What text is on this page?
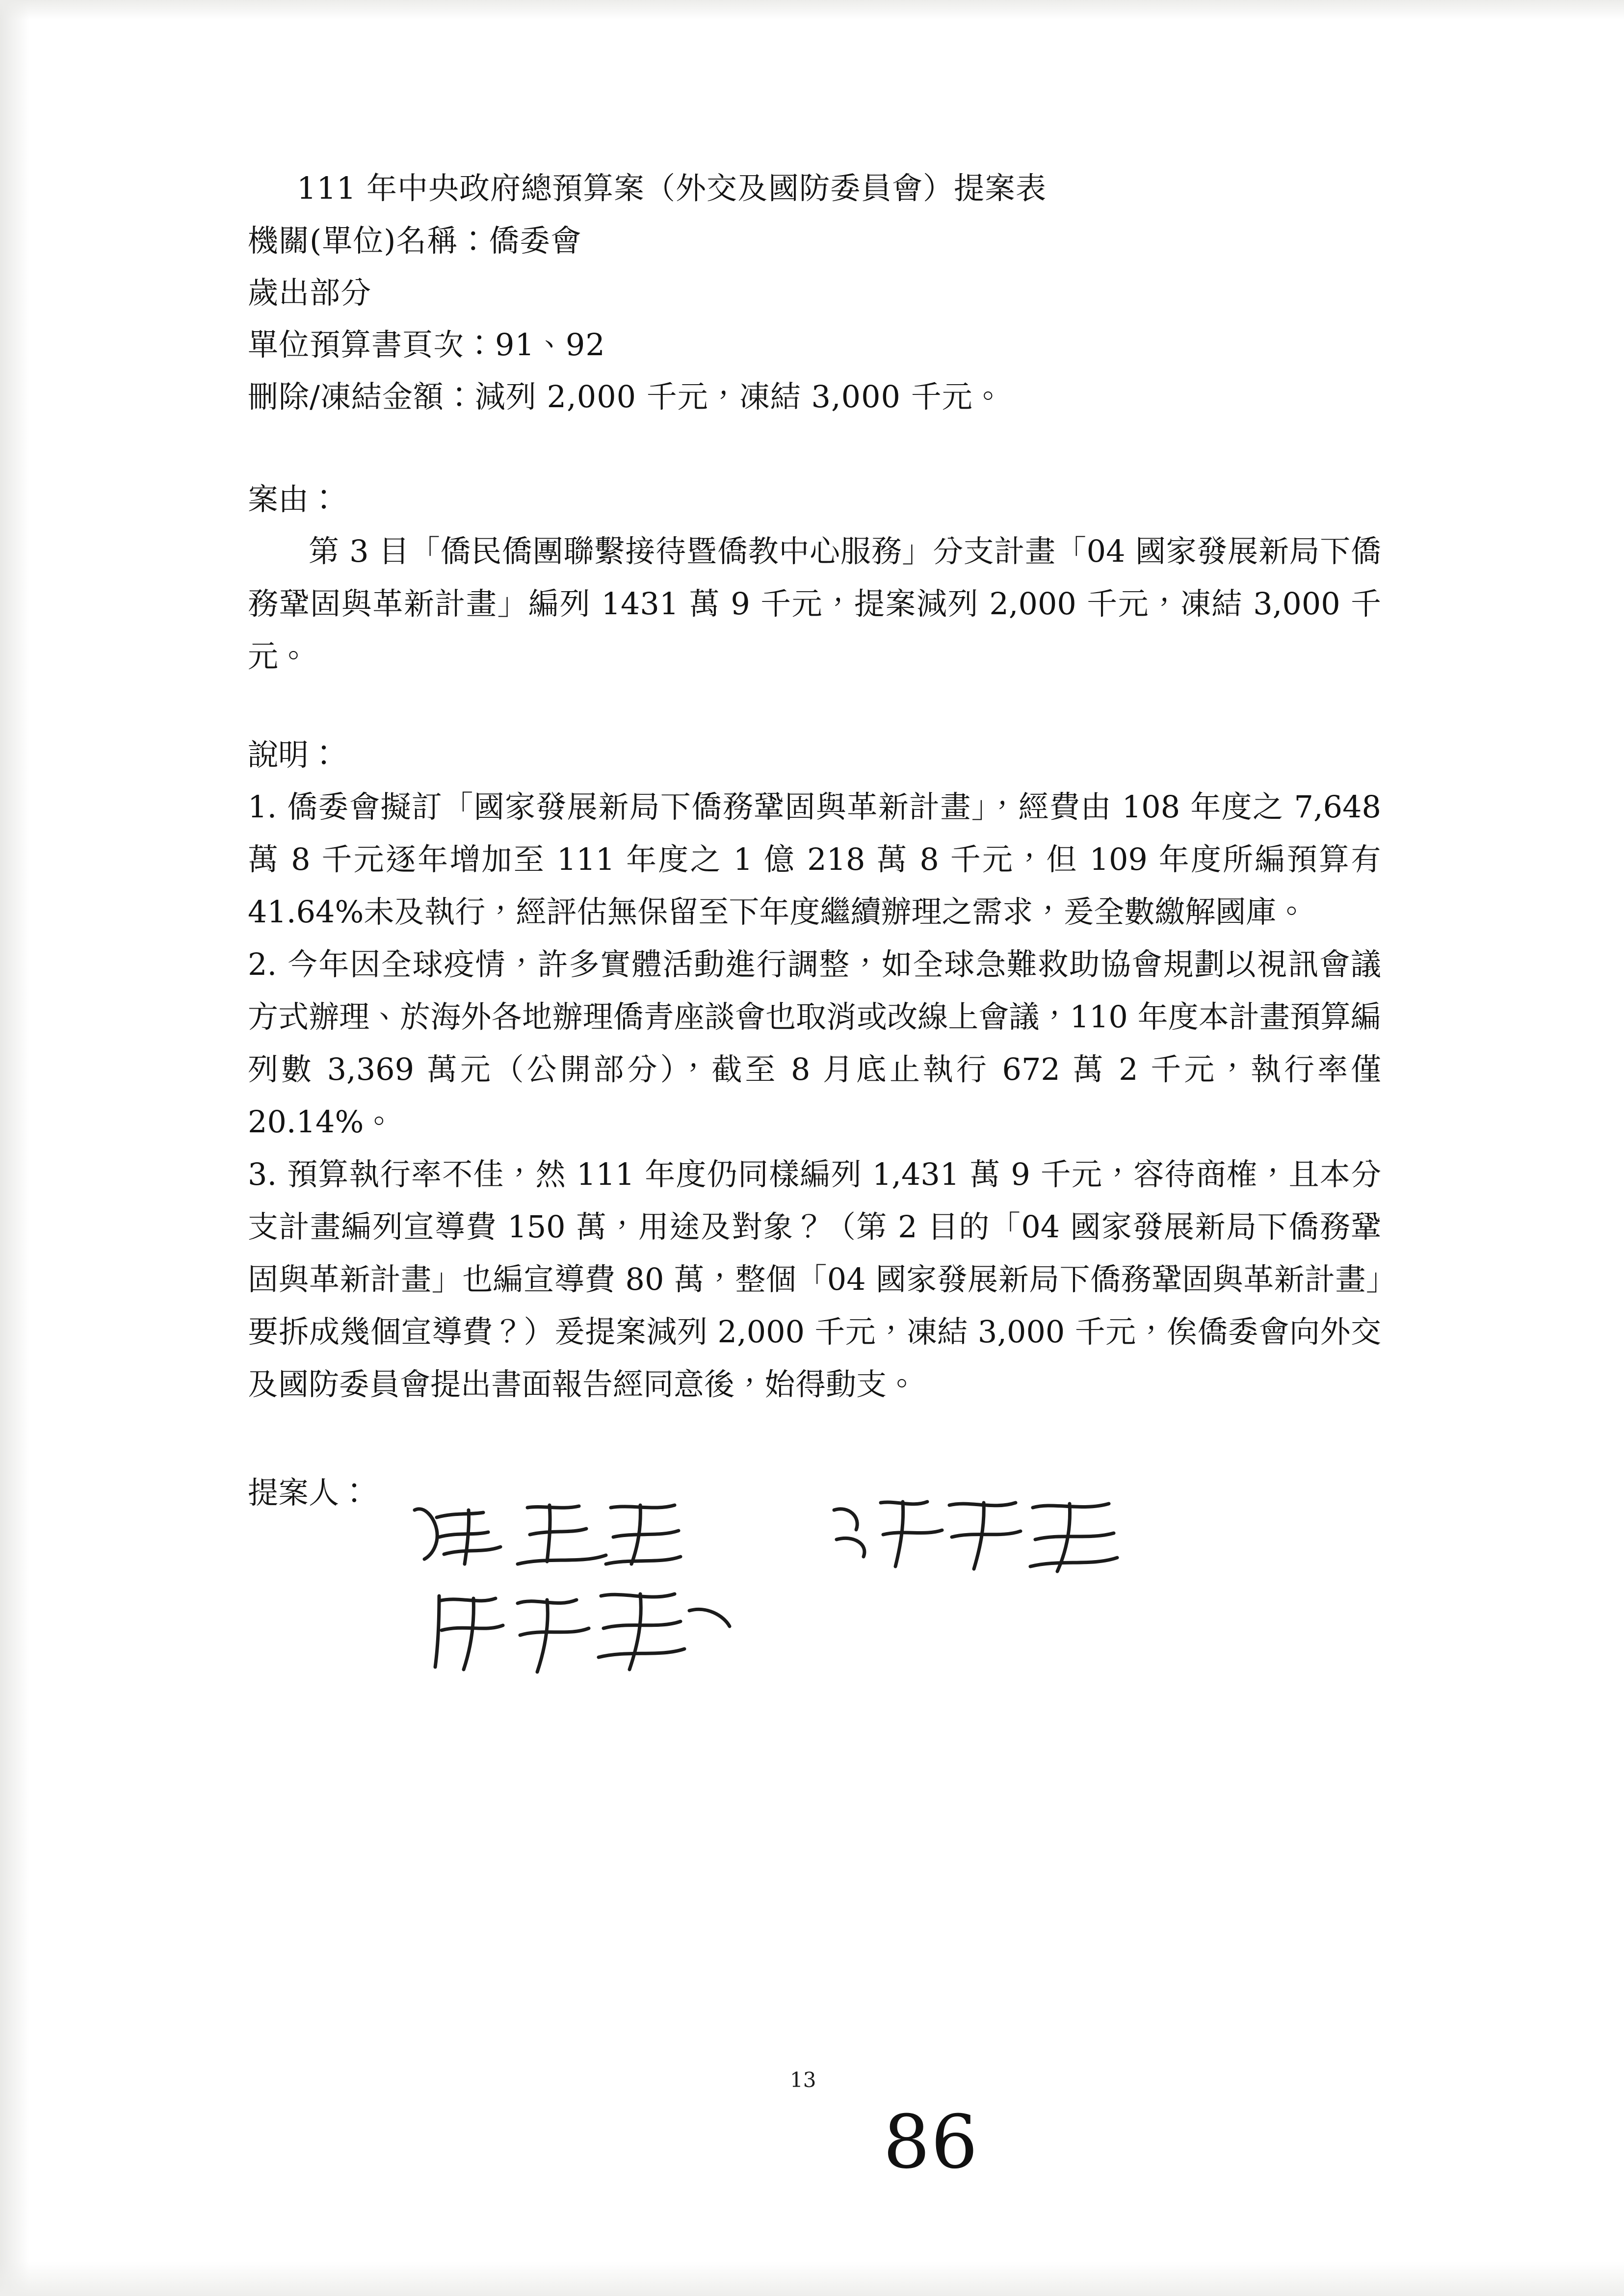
111 年中央政府總預算案（外交及國防委員會）提案表
機關(單位)名稱：僑委會
歲出部分
單位預算書頁次：91、92
刪除/凍結金額：減列 2,000 千元，凍結 3,000 千元。
案由：
第 3 目「僑民僑團聯繫接待暨僑教中心服務」分支計畫「04 國家發展新局下僑務鞏固與革新計畫」編列 1431 萬 9 千元，提案減列 2,000 千元，凍結 3,000 千元。
說明：
1. 僑委會擬訂「國家發展新局下僑務鞏固與革新計畫」，經費由 108 年度之 7,648 萬 8 千元逐年增加至 111 年度之 1 億 218 萬 8 千元，但 109 年度所編預算有 41.64%未及執行，經評估無保留至下年度繼續辦理之需求，爰全數繳解國庫。
2. 今年因全球疫情，許多實體活動進行調整，如全球急難救助協會規劃以視訊會議方式辦理、於海外各地辦理僑青座談會也取消或改線上會議，110 年度本計畫預算編列數 3,369 萬元（公開部分），截至 8 月底止執行 672 萬 2 千元，執行率僅 20.14%。
3. 預算執行率不佳，然 111 年度仍同樣編列 1,431 萬 9 千元，容待商榷，且本分支計畫編列宣導費 150 萬，用途及對象？（第 2 目的「04 國家發展新局下僑務鞏固與革新計畫」也編宣導費 80 萬，整個「04 國家發展新局下僑務鞏固與革新計畫」要拆成幾個宣導費？）爰提案減列 2,000 千元，凍結 3,000 千元，俟僑委會向外交及國防委員會提出書面報告經同意後，始得動支。
提案人：
13
86
